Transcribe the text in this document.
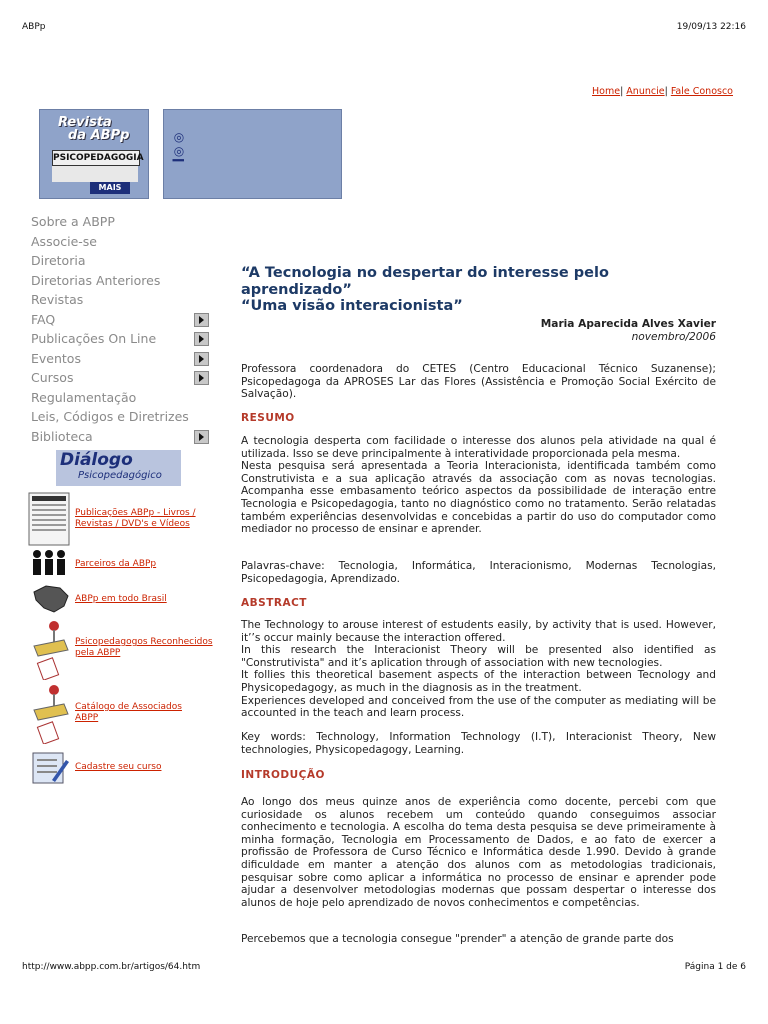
ABPp	19/09/13 22:16
Home| Anuncie| Fale Conosco
Revista
da ABPp
PSICOPEDAGOGIA
MAIS
◎◎ǀ
Sobre a ABPP
Associe-se
Diretoria
Diretorias Anteriores
Revistas
FAQ
Publicações On Line
Eventos
Cursos
Regulamentação
Leis, Códigos e Diretrizes
Biblioteca
Diálogo
Psicopedagógico
Publicações ABPp - Livros / Revistas / DVD's e Vídeos
Parceiros da ABPp
ABPp em todo Brasil
Psicopedagogos Reconhecidos pela ABPP
Catálogo de Associados ABPP
Cadastre seu curso
“A Tecnologia no despertar do interesse pelo aprendizado”
“Uma visão interacionista”
Maria Aparecida Alves Xavier
novembro/2006

Professora coordenadora do CETES (Centro Educacional Técnico Suzanense); Psicopedagoga da APROSES Lar das Flores (Assistência e Promoção Social Exército de Salvação).

RESUMO

A tecnologia desperta com facilidade o interesse dos alunos pela atividade na qual é utilizada. Isso se deve principalmente à interatividade proporcionada pela mesma.

Nesta pesquisa será apresentada a Teoria Interacionista, identificada também como Construtivista e a sua aplicação através da associação com as novas tecnologias. Acompanha esse embasamento teórico aspectos da possibilidade de interação entre Tecnologia e Psicopedagogia, tanto no diagnóstico como no tratamento. Serão relatadas também experiências desenvolvidas e concebidas a partir do uso do computador como mediador no processo de ensinar e aprender.

Palavras-chave: Tecnologia, Informática, Interacionismo, Modernas Tecnologias, Psicopedagogia, Aprendizado.

ABSTRACT

The Technology to arouse interest of estudents easily, by activity that is used. However, it’’s occur mainly because the interaction offered.

In this research the Interacionist Theory will be presented also identified as "Construtivista" and it’s aplication through of association with new tecnologies.

It follies this theoretical basement aspects of the interaction between Tecnology and Physicopedagogy, as much in the diagnosis as in the treatment.

Experiences developed and conceived from the use of the computer as mediating will be accounted in the teach and learn process.

Key words: Technology, Information Technology (I.T), Interacionist Theory, New technologies, Physicopedagogy, Learning.

INTRODUÇÃO

Ao longo dos meus quinze anos de experiência como docente, percebi com que curiosidade os alunos recebem um conteúdo quando conseguimos associar conhecimento e tecnologia. A escolha do tema desta pesquisa se deve primeiramente à minha formação, Tecnologia em Processamento de Dados, e ao fato de exercer a profissão de Professora de Curso Técnico e Informática desde 1.990. Devido à grande dificuldade em manter a atenção dos alunos com as metodologias tradicionais, pesquisar sobre como aplicar a informática no processo de ensinar e aprender pode ajudar a desenvolver metodologias modernas que possam despertar o interesse dos alunos de hoje pelo aprendizado de novos conhecimentos e competências.

Percebemos que a tecnologia consegue "prender" a atenção de grande parte dos

http://www.abpp.com.br/artigos/64.htm	Página 1 de 6
